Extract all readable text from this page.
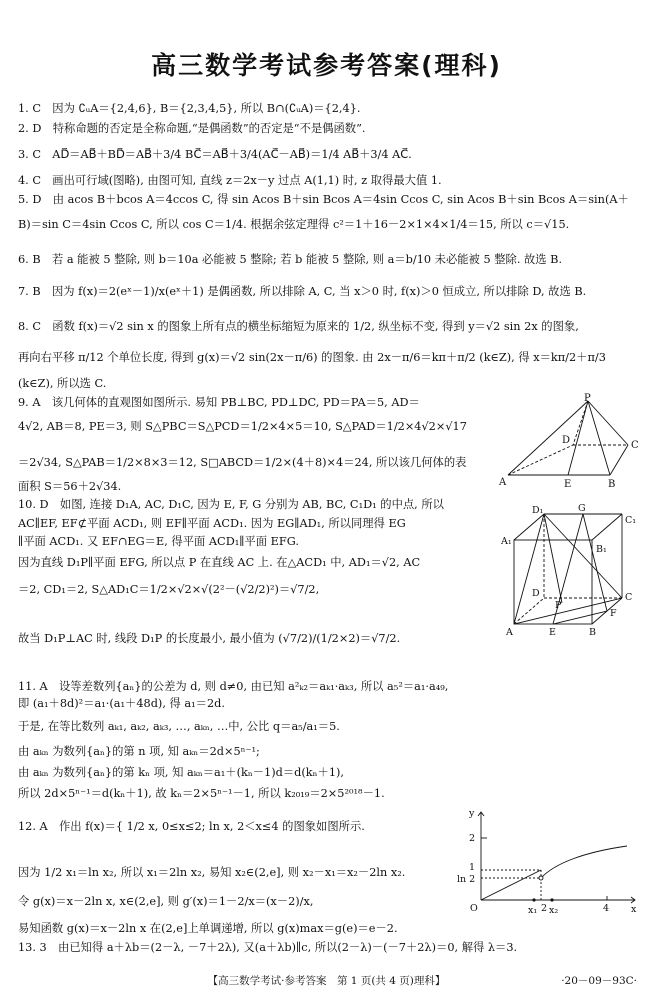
高三数学考试参考答案(理科)
1. C　因为 ∁ᵤA＝{2,4,6}, B＝{2,3,4,5}, 所以 B∩(∁ᵤA)＝{2,4}.
2. D　特称命题的否定是全称命题,“是偶函数”的否定是“不是偶函数”.
3. C　AD⃗＝AB⃗＋BD⃗＝AB⃗＋3/4 BC⃗＝AB⃗＋3/4(AC⃗－AB⃗)＝1/4 AB⃗＋3/4 AC⃗.
4. C　画出可行域(图略), 由图可知, 直线 z＝2x－y 过点 A(1,1) 时, z 取得最大值 1.
5. D　由 acos B＋bcos A＝4ccos C, 得 sin Acos B＋sin Bcos A＝4sin Ccos C, sin Acos B＋sin Bcos A＝sin(A＋
B)＝sin C＝4sin Ccos C, 所以 cos C＝1/4. 根据余弦定理得 c²＝1＋16－2×1×4×1/4＝15, 所以 c＝√15.
6. B　若 a 能被 5 整除, 则 b＝10a 必能被 5 整除; 若 b 能被 5 整除, 则 a＝b/10 未必能被 5 整除. 故选 B.
7. B　因为 f(x)＝2(eˣ－1)/x(eˣ＋1) 是偶函数, 所以排除 A, C, 当 x＞0 时, f(x)＞0 恒成立, 所以排除 D, 故选 B.
8. C　函数 f(x)＝√2 sin x 的图象上所有点的横坐标缩短为原来的 1/2, 纵坐标不变, 得到 y＝√2 sin 2x 的图象,
再向右平移 π/12 个单位长度, 得到 g(x)＝√2 sin(2x－π/6) 的图象. 由 2x－π/6＝kπ＋π/2 (k∈Z), 得 x＝kπ/2＋π/3
(k∈Z), 所以选 C.
9. A　该几何体的直观图如图所示. 易知 PB⊥BC, PD⊥DC, PD＝PA＝5, AD＝
4√2, AB＝8, PE＝3, 则 S△PBC＝S△PCD＝1/2×4×5＝10, S△PAD＝1/2×4√2×√17
＝2√34, S△PAB＝1/2×8×3＝12, S□ABCD＝1/2×(4＋8)×4＝24, 所以该几何体的表
面积 S＝56＋2√34.
10. D　如图, 连接 D₁A, AC, D₁C, 因为 E, F, G 分别为 AB, BC, C₁D₁ 的中点, 所以
AC∥EF, EF⊄平面 ACD₁, 则 EF∥平面 ACD₁. 因为 EG∥AD₁, 所以同理得 EG
∥平面 ACD₁. 又 EF∩EG＝E, 得平面 ACD₁∥平面 EFG.
因为直线 D₁P∥平面 EFG, 所以点 P 在直线 AC 上. 在△ACD₁ 中, AD₁＝√2, AC
＝2, CD₁＝2, S△AD₁C＝1/2×√2×√(2²－(√2/2)²)＝√7/2,
故当 D₁P⊥AC 时, 线段 D₁P 的长度最小, 最小值为 (√7/2)/(1/2×2)＝√7/2.
11. A　设等差数列{aₙ}的公差为 d, 则 d≠0, 由已知 a²ₖ₂＝aₖ₁·aₖ₃, 所以 a₅²＝a₁·a₄₉,
即 (a₁＋8d)²＝a₁·(a₁＋48d), 得 a₁＝2d.
于是, 在等比数列 aₖ₁, aₖ₂, aₖ₃, …, aₖₙ, …中, 公比 q＝a₅/a₁＝5.
由 aₖₙ 为数列{aₙ}的第 n 项, 知 aₖₙ＝2d×5ⁿ⁻¹;
由 aₖₙ 为数列{aₙ}的第 kₙ 项, 知 aₖₙ＝a₁＋(kₙ－1)d＝d(kₙ＋1),
所以 2d×5ⁿ⁻¹＝d(kₙ＋1), 故 kₙ＝2×5ⁿ⁻¹－1, 所以 k₂₀₁₉＝2×5²⁰¹⁸－1.
12. A　作出 f(x)＝{ 1/2 x, 0≤x≤2; ln x, 2＜x≤4 的图象如图所示.
因为 1/2 x₁＝ln x₂, 所以 x₁＝2ln x₂, 易知 x₂∈(2,e], 则 x₂－x₁＝x₂－2ln x₂.
令 g(x)＝x－2ln x, x∈(2,e], 则 g′(x)＝1－2/x＝(x－2)/x,
易知函数 g(x)＝x－2ln x 在(2,e]上单调递增, 所以 g(x)max＝g(e)＝e－2.
13. 3　由已知得 a＋λb＝(2－λ, －7＋2λ), 又(a＋λb)∥c, 所以(2－λ)－(－7＋2λ)＝0, 解得 λ＝3.
P
D	C
A	E	B
D₁	G
C₁
A₁
B₁
D	C
F
P
A	E	B
y
2
1
ln 2
O	x₁ 2 x₂	4 x
【高三数学考试·参考答案　第 1 页(共 4 页)理科】	·20－09－93C·
